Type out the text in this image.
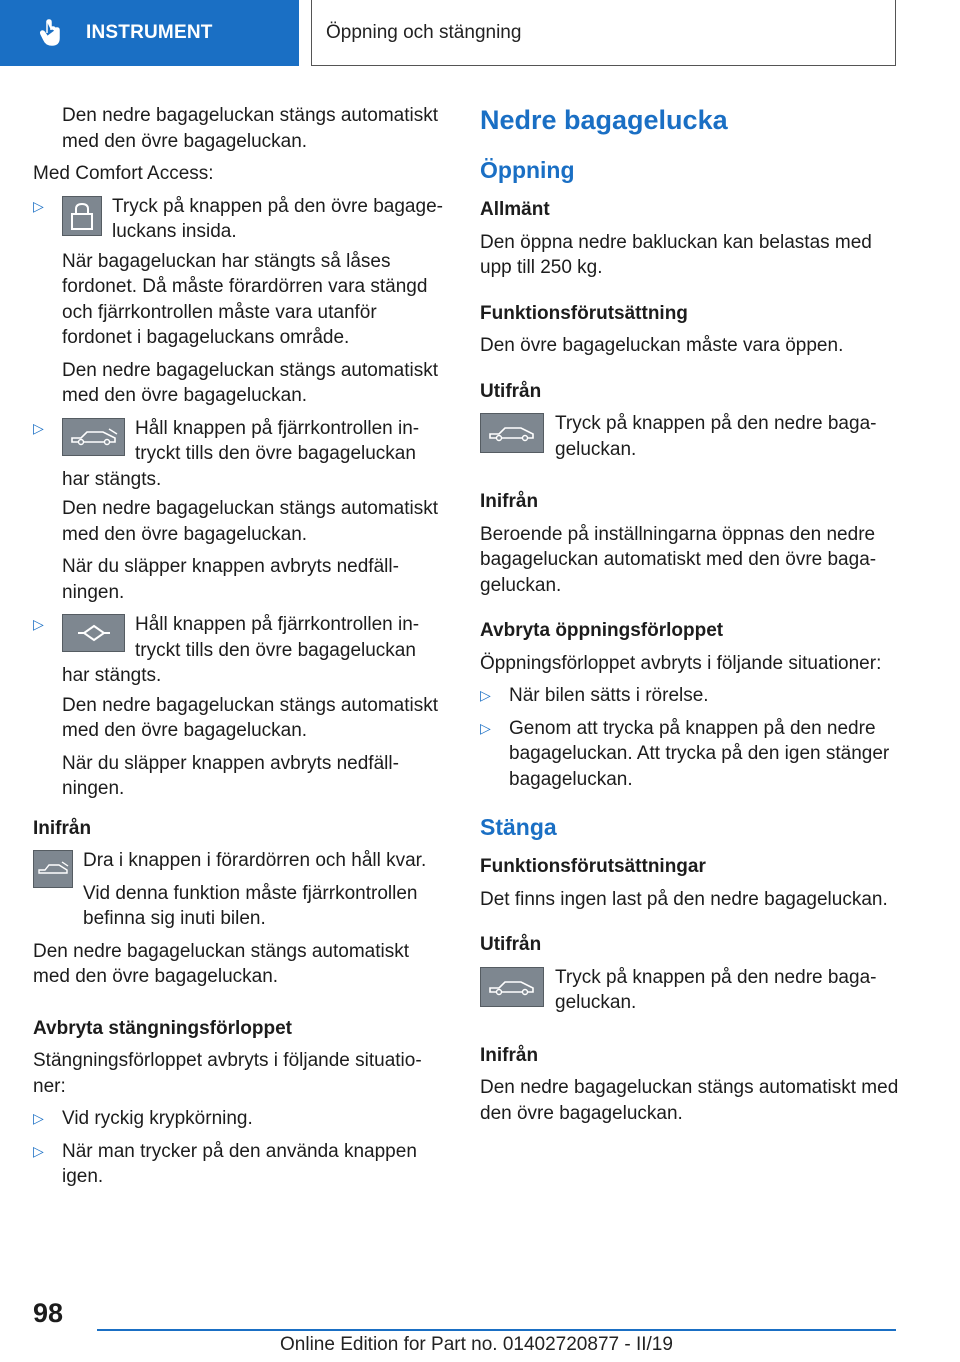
INSTRUMENT	Öppning och stängning
Den nedre bagageluckan stängs automatiskt med den övre bagageluckan.
Med Comfort Access:
▷	Tryck på knappen på den övre bagageluckans insida.
När bagageluckan har stängts så låses fordonet. Då måste förardörren vara stängd och fjärrkontrollen måste vara utanför fordonet i bagageluckans område.
Den nedre bagageluckan stängs automatiskt med den övre bagageluckan.
▷	Håll knappen på fjärrkontrollen intryckt tills den övre bagageluckan har stängts.
Den nedre bagageluckan stängs automatiskt med den övre bagageluckan.
När du släpper knappen avbryts nedfällningen.
▷	Håll knappen på fjärrkontrollen intryckt tills den övre bagageluckan har stängts.
Den nedre bagageluckan stängs automatiskt med den övre bagageluckan.
När du släpper knappen avbryts nedfällningen.
Inifrån
Dra i knappen i förardörren och håll kvar.
Vid denna funktion måste fjärrkontrollen befinna sig inuti bilen.
Den nedre bagageluckan stängs automatiskt med den övre bagageluckan.
Avbryta stängningsförloppet
Stängningsförloppet avbryts i följande situationer:
▷ Vid ryckig krypkörning.
▷ När man trycker på den använda knappen igen.
Nedre bagagelucka
Öppning
Allmänt
Den öppna nedre bakluckan kan belastas med upp till 250 kg.
Funktionsförutsättning
Den övre bagageluckan måste vara öppen.
Utifrån
Tryck på knappen på den nedre bagageluckan.
Inifrån
Beroende på inställningarna öppnas den nedre bagageluckan automatiskt med den övre bagageluckan.
Avbryta öppningsförloppet
Öppningsförloppet avbryts i följande situationer:
▷ När bilen sätts i rörelse.
▷ Genom att trycka på knappen på den nedre bagageluckan. Att trycka på den igen stänger bagageluckan.
Stänga
Funktionsförutsättningar
Det finns ingen last på den nedre bagageluckan.
Utifrån
Tryck på knappen på den nedre bagageluckan.
Inifrån
Den nedre bagageluckan stängs automatiskt med den övre bagageluckan.
98
Online Edition for Part no. 01402720877 - II/19
